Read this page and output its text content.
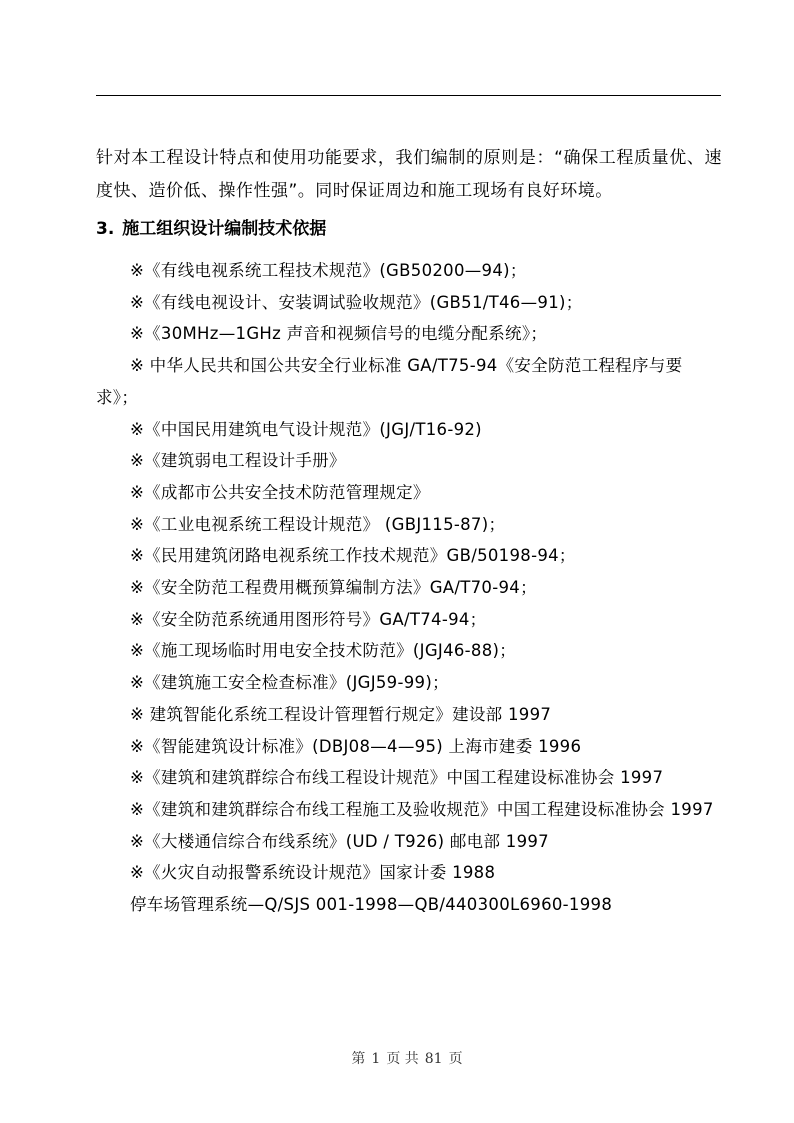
针对本工程设计特点和使用功能要求，我们编制的原则是：“确保工程质量优、速度快、造价低、操作性强”。同时保证周边和施工现场有良好环境。

3. 施工组织设计编制技术依据
※《有线电视系统工程技术规范》(GB50200—94)；
※《有线电视设计、安装调试验收规范》(GB51/T46—91)；
※《30MHz—1GHz 声音和视频信号的电缆分配系统》；
※ 中华人民共和国公共安全行业标准 GA/T75-94《安全防范工程程序与要求》；
※《中国民用建筑电气设计规范》(JGJ/T16-92)
※《建筑弱电工程设计手册》
※《成都市公共安全技术防范管理规定》
※《工业电视系统工程设计规范》 (GBJ115-87)；
※《民用建筑闭路电视系统工作技术规范》GB/50198-94；
※《安全防范工程费用概预算编制方法》GA/T70-94；
※《安全防范系统通用图形符号》GA/T74-94；
※《施工现场临时用电安全技术防范》(JGJ46-88)；
※《建筑施工安全检查标准》(JGJ59-99)；
※ 建筑智能化系统工程设计管理暂行规定》建设部 1997
※《智能建筑设计标准》(DBJ08—4—95) 上海市建委 1996
※《建筑和建筑群综合布线工程设计规范》中国工程建设标准协会 1997
※《建筑和建筑群综合布线工程施工及验收规范》中国工程建设标准协会 1997
※《大楼通信综合布线系统》(UD / T926) 邮电部 1997
※《火灾自动报警系统设计规范》国家计委 1988
停车场管理系统—Q/SJS 001-1998—QB/440300L6960-1998
第 1 页 共 81 页
